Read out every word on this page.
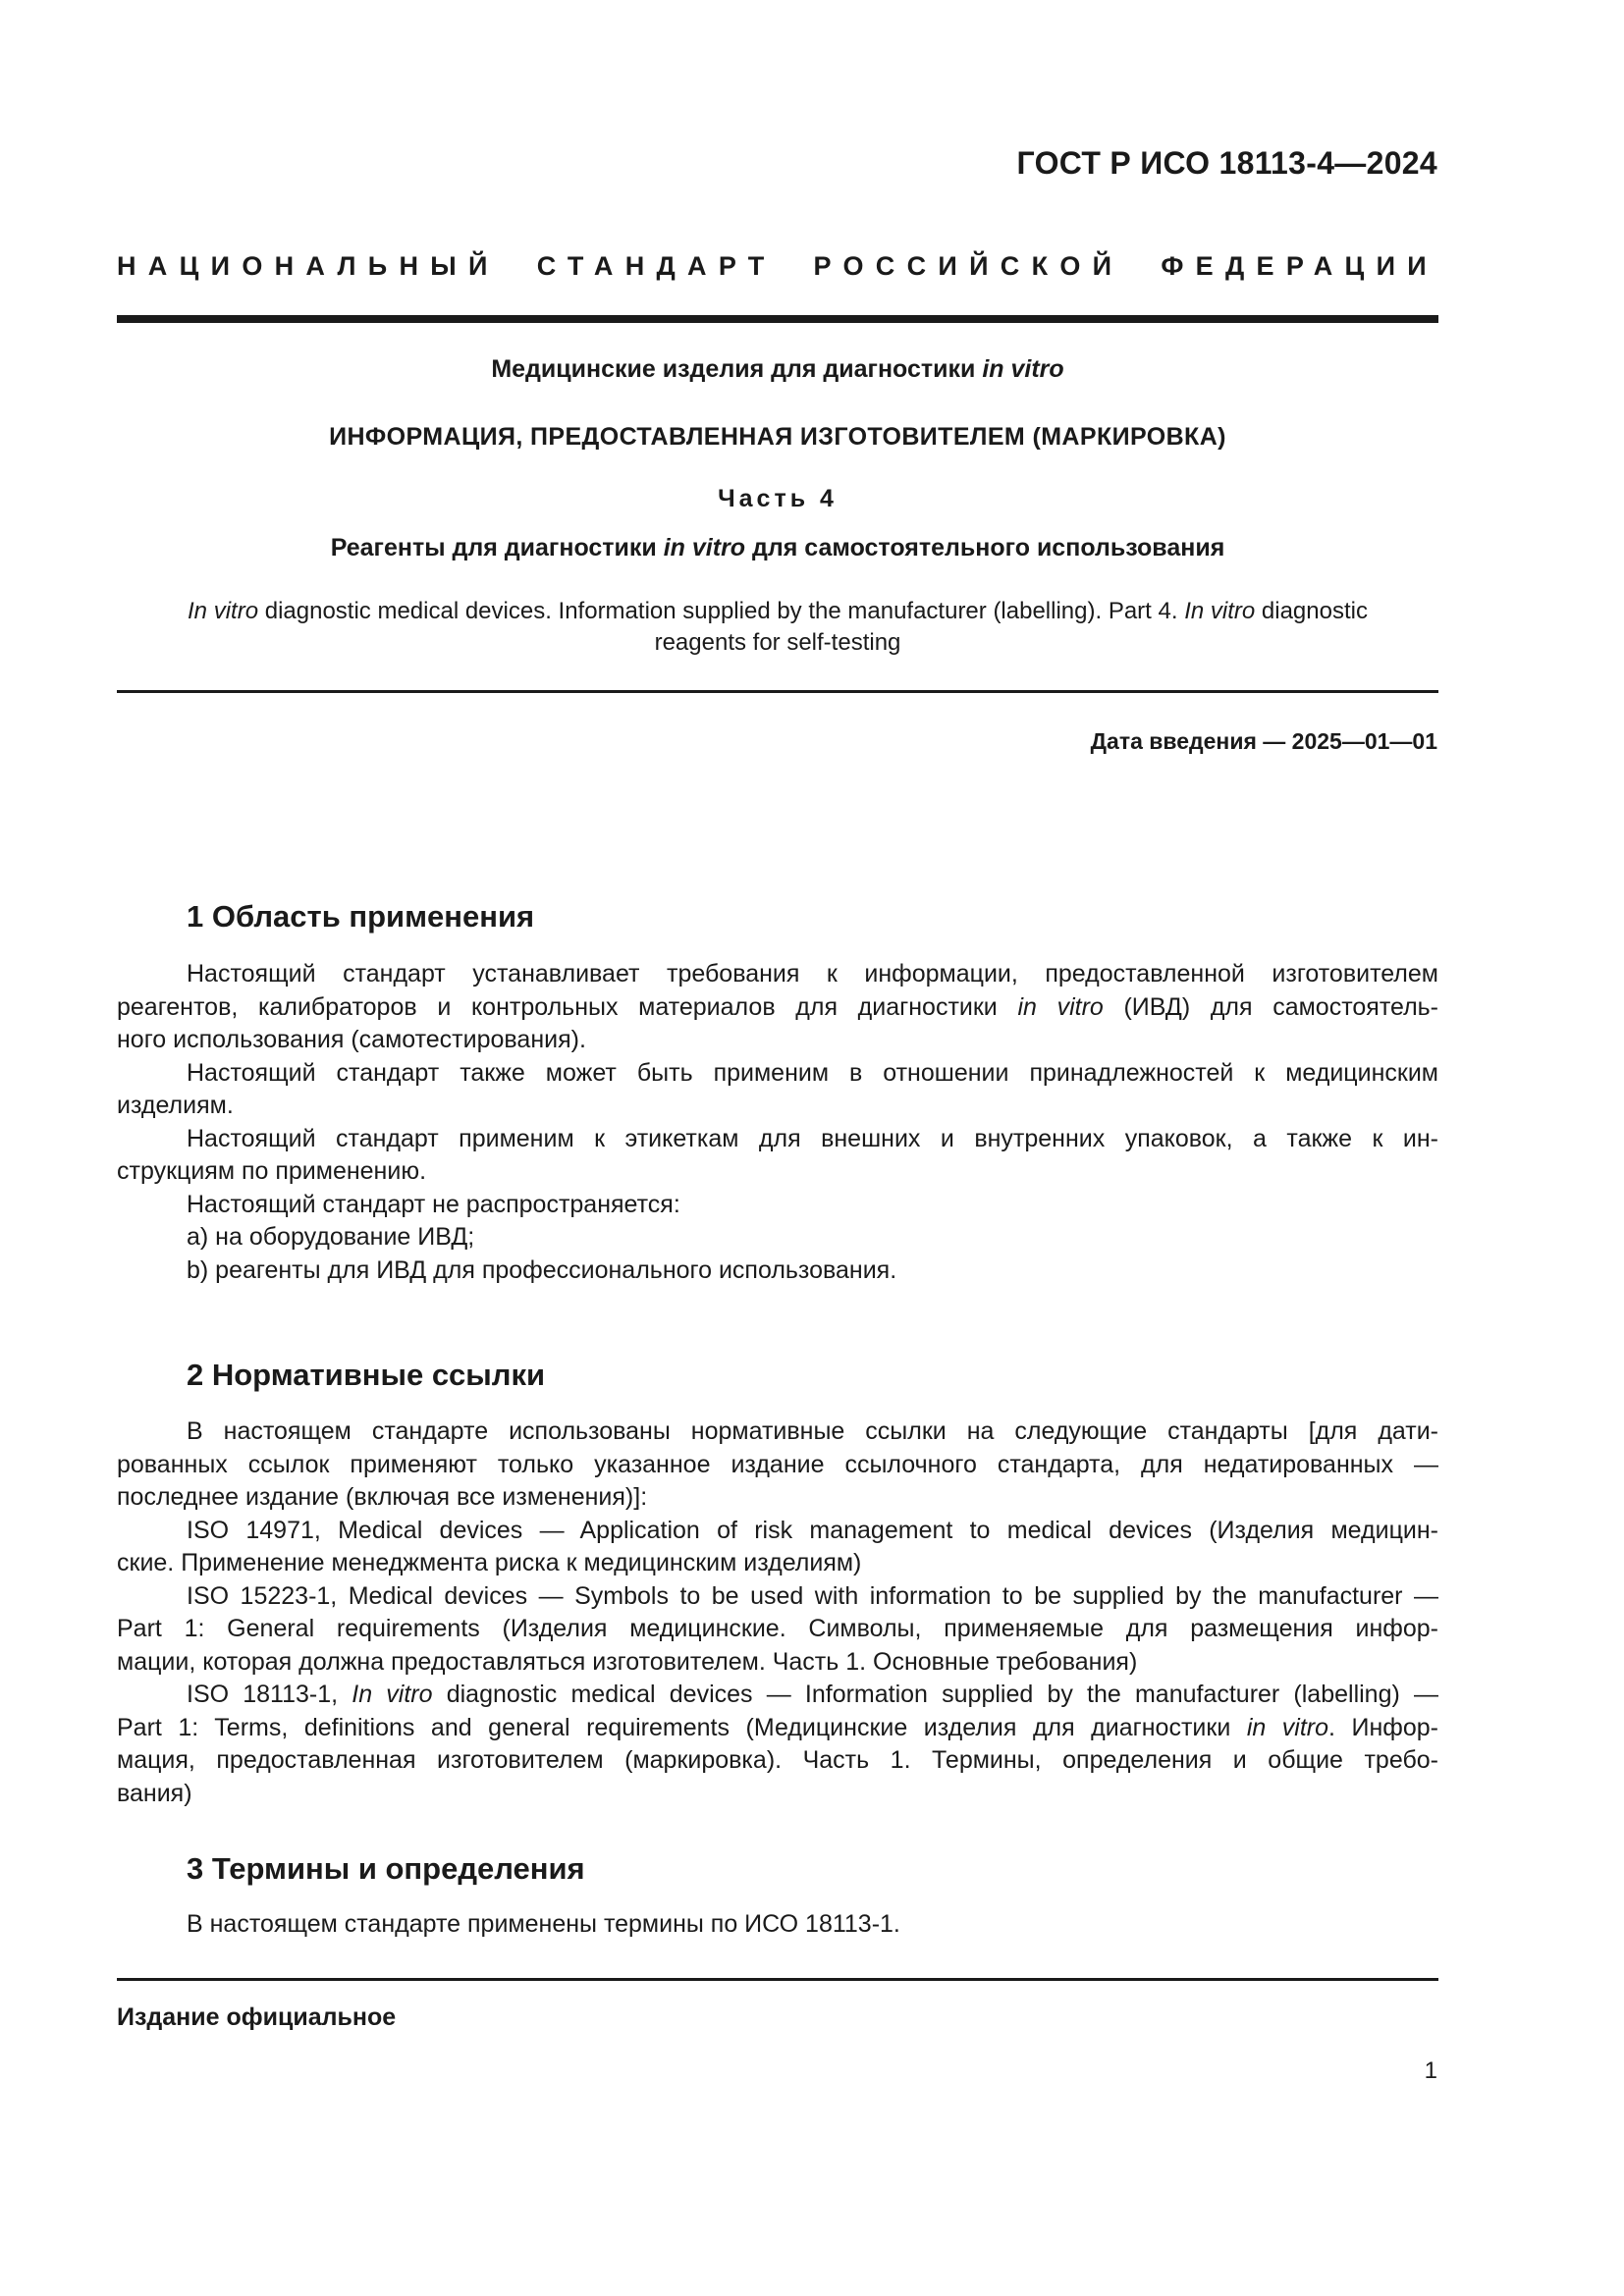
ГОСТ Р ИСО 18113-4—2024
НАЦИОНАЛЬНЫЙ СТАНДАРТ РОССИЙСКОЙ ФЕДЕРАЦИИ
Медицинские изделия для диагностики in vitro
ИНФОРМАЦИЯ, ПРЕДОСТАВЛЕННАЯ ИЗГОТОВИТЕЛЕМ (МАРКИРОВКА)
Часть 4
Реагенты для диагностики in vitro для самостоятельного использования
In vitro diagnostic medical devices. Information supplied by the manufacturer (labelling). Part 4. In vitro diagnostic
reagents for self-testing
Дата введения — 2025—01—01
1 Область применения

Настоящий стандарт устанавливает требования к информации, предоставленной изготовителем

реагентов, калибраторов и контрольных материалов для диагностики in vitro (ИВД) для самостоятель-

ного использования (самотестирования).

Настоящий стандарт также может быть применим в отношении принадлежностей к медицинским

изделиям.

Настоящий стандарт применим к этикеткам для внешних и внутренних упаковок, а также к ин-

струкциям по применению.

Настоящий стандарт не распространяется:

а) на оборудование ИВД;

b) реагенты для ИВД для профессионального использования.

2 Нормативные ссылки

В настоящем стандарте использованы нормативные ссылки на следующие стандарты [для дати-

рованных ссылок применяют только указанное издание ссылочного стандарта, для недатированных —

последнее издание (включая все изменения)]:

ISO 14971, Medical devices — Application of risk management to medical devices (Изделия медицин-

ские. Применение менеджмента риска к медицинским изделиям)

ISO 15223-1, Medical devices — Symbols to be used with information to be supplied by the manufacturer —

Part 1: General requirements (Изделия медицинские. Символы, применяемые для размещения инфор-

мации, которая должна предоставляться изготовителем. Часть 1. Основные требования)

ISO 18113-1, In vitro diagnostic medical devices — Information supplied by the manufacturer (labelling) —

Part 1: Terms, definitions and general requirements (Медицинские изделия для диагностики in vitro. Инфор-

мация, предоставленная изготовителем (маркировка). Часть 1. Термины, определения и общие требо-

вания)

3 Термины и определения

В настоящем стандарте применены термины по ИСО 18113-1.

Издание официальное
1
